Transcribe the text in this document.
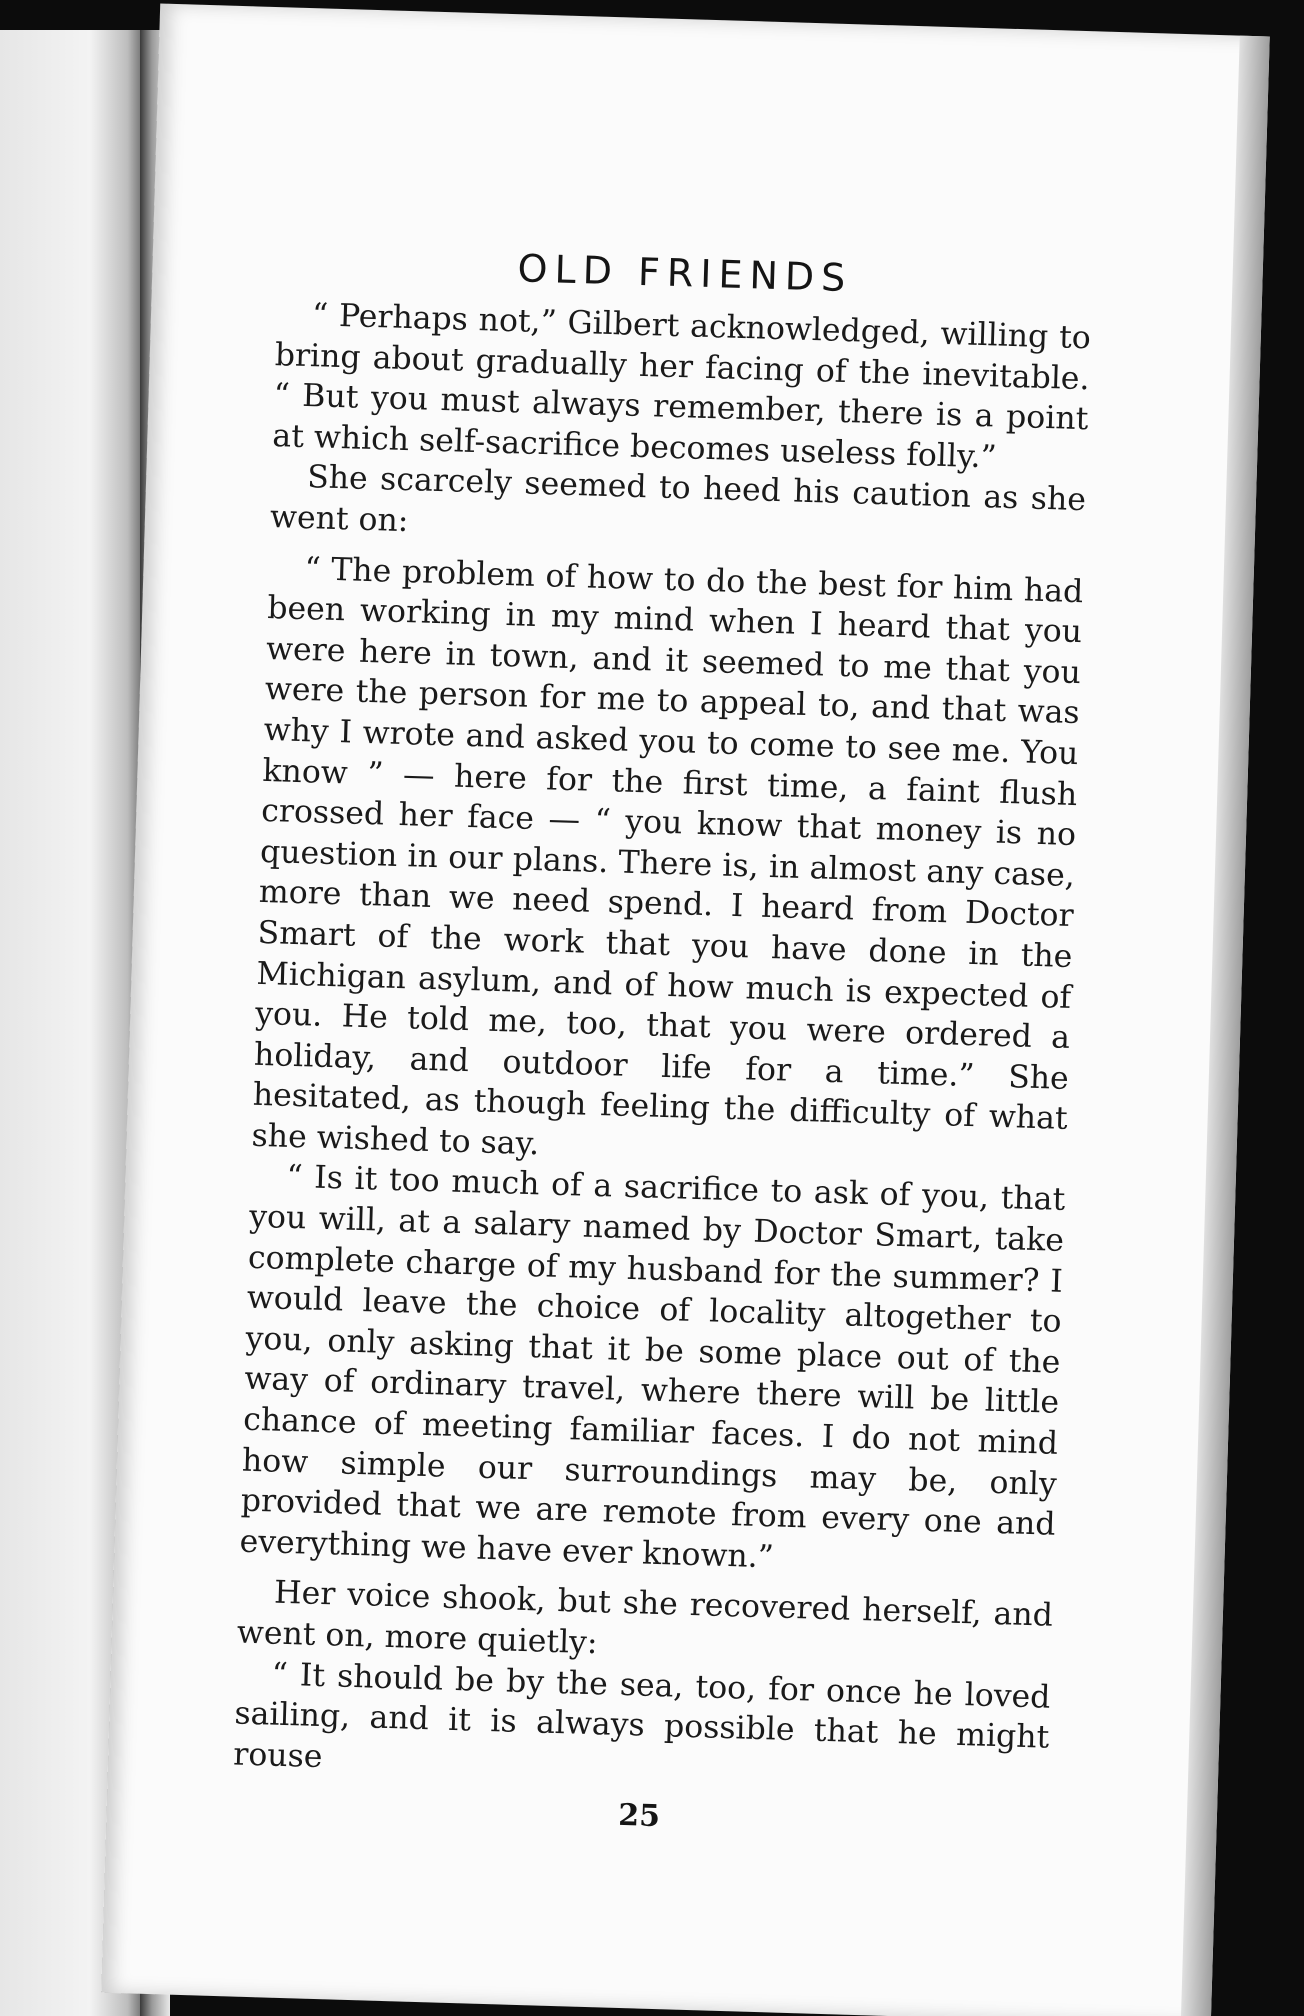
OLD FRIENDS

“ Perhaps not,” Gilbert acknowledged, willing to bring about gradually her facing of the inevitable. “ But you must always remember, there is a point at which self-sacrifice becomes useless folly.”

She scarcely seemed to heed his caution as she went on:

“ The problem of how to do the best for him had been working in my mind when I heard that you were here in town, and it seemed to me that you were the person for me to appeal to, and that was why I wrote and asked you to come to see me. You know ” — here for the first time, a faint flush crossed her face — “ you know that money is no question in our plans. There is, in almost any case, more than we need spend. I heard from Doctor Smart of the work that you have done in the Michigan asylum, and of how much is expected of you. He told me, too, that you were ordered a holiday, and outdoor life for a time.” She hesitated, as though feeling the difficulty of what she wished to say.

“ Is it too much of a sacrifice to ask of you, that you will, at a salary named by Doctor Smart, take complete charge of my husband for the summer? I would leave the choice of locality altogether to you, only asking that it be some place out of the way of ordinary travel, where there will be little chance of meeting familiar faces. I do not mind how simple our surroundings may be, only provided that we are remote from every one and everything we have ever known.”

Her voice shook, but she recovered herself, and went on, more quietly:

“ It should be by the sea, too, for once he loved sailing, and it is always possible that he might rouse

25
